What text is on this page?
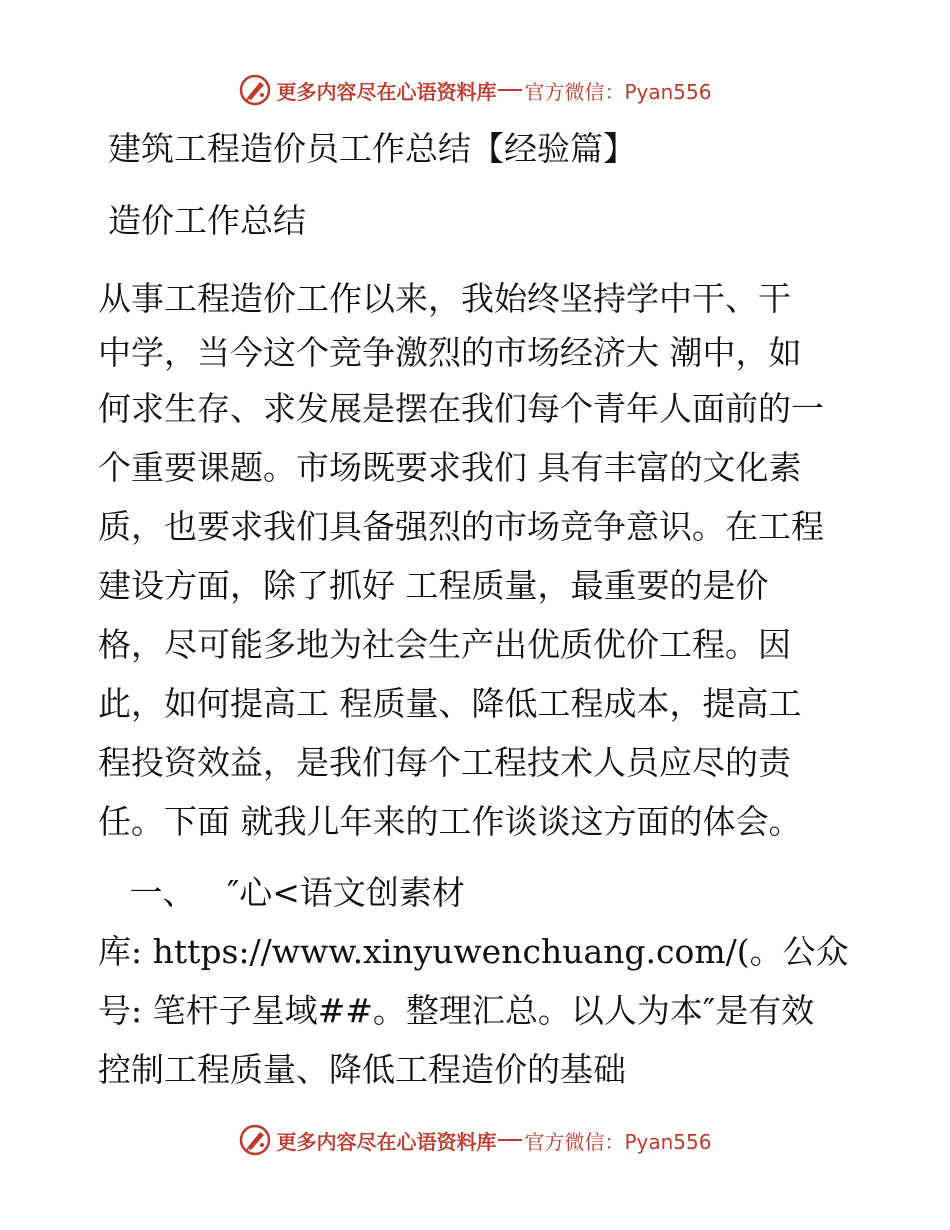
更多内容尽在心语资料库 官方微信：Pyan556
建筑工程造价员工作总结【经验篇】
造价工作总结

从事工程造价工作以来，我始终坚持学中干、干

中学，当今这个竞争激烈的市场经济大 潮中，如

何求生存、求发展是摆在我们每个青年人面前的一

个重要课题。市场既要求我们 具有丰富的文化素

质，也要求我们具备强烈的市场竞争意识。在工程

建设方面，除了抓好 工程质量，最重要的是价

格，尽可能多地为社会生产出优质优价工程。因

此，如何提高工 程质量、降低工程成本，提高工

程投资效益，是我们每个工程技术人员应尽的责

任。下面 就我儿年来的工作谈谈这方面的体会。

一、   ″心<语文创素材

库: https://www.xinyuwenchuang.com/(。公众

号: 笔杆子星域##。整理汇总。以人为本″是有效

控制工程质量、降低工程造价的基础

更多内容尽在心语资料库 官方微信：Pyan556
